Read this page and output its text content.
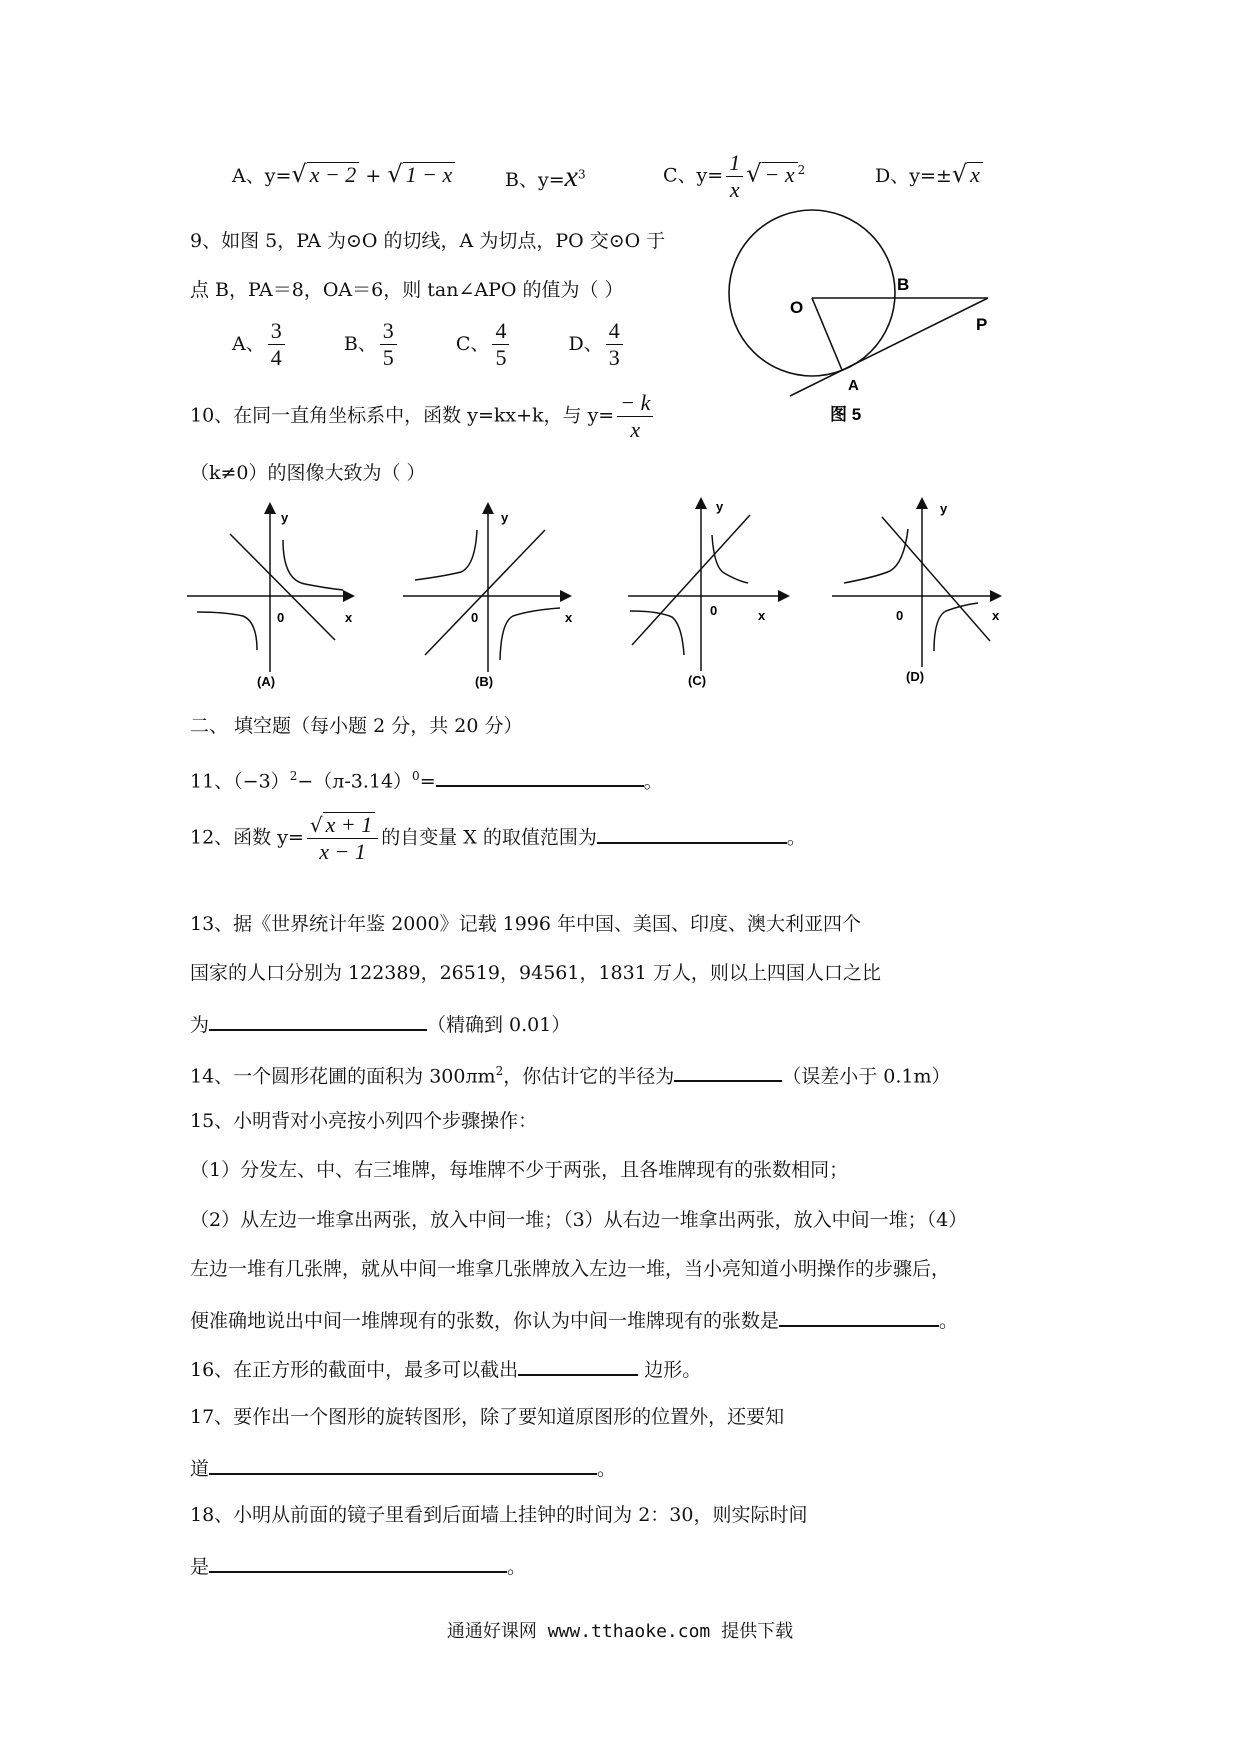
A、y=√ x − 2 + √ 1 − x	B、$y=x^3$	C、$y= \frac{1}{x}$ √ − x $^2$	D、y=±√ x
9、如图 5，PA 为⊙O 的切线，A 为切点，PO 交⊙O 于
点 B，PA＝8，OA＝6，则 tan∠APO 的值为（ ）
A、 $\frac{3}{4}$	B、 $\frac{3}{5}$	C、 $\frac{4}{5}$	D、 $\frac{4}{3}$
O
B
P
A
图 5
10、在同一直角坐标系中，函数 y=kx+k，与 $y= \frac{- k}{x}$
（k≠0）的图像大致为（ ）
y
x
0
(A)
y
x
0
(B)
y
x
0
(C)
y
x
0
(D)
二、 填空题（每小题 2 分，共 20 分）
11、$(-3)^2-(л-3.14)^0=$	。
12、函数 $y= \frac{√ x + 1}{x - 1}$ 的自变量 X 的取值范围为	。
13、据《世界统计年鉴 2000》记载 1996 年中国、美国、印度、澳大利亚四个
国家的人口分别为 122389，26519，94561，1831 万人，则以上四国人口之比
为	（精确到 0.01）
14、一个圆形花圃的面积为 $300лm^2$，你估计它的半径为	（误差小于 0.1m）
15、小明背对小亮按小列四个步骤操作：
（1）分发左、中、右三堆牌，每堆牌不少于两张，且各堆牌现有的张数相同；
（2）从左边一堆拿出两张，放入中间一堆；（3）从右边一堆拿出两张，放入中间一堆；（4）
左边一堆有几张牌，就从中间一堆拿几张牌放入左边一堆，当小亮知道小明操作的步骤后，
便准确地说出中间一堆牌现有的张数，你认为中间一堆牌现有的张数是	。
16、在正方形的截面中，最多可以截出	边形。
17、要作出一个图形的旋转图形，除了要知道原图形的位置外，还要知
道	。
18、小明从前面的镜子里看到后面墙上挂钟的时间为 2：30，则实际时间
是	。
通通好课网 www.tthaoke.com 提供下载
